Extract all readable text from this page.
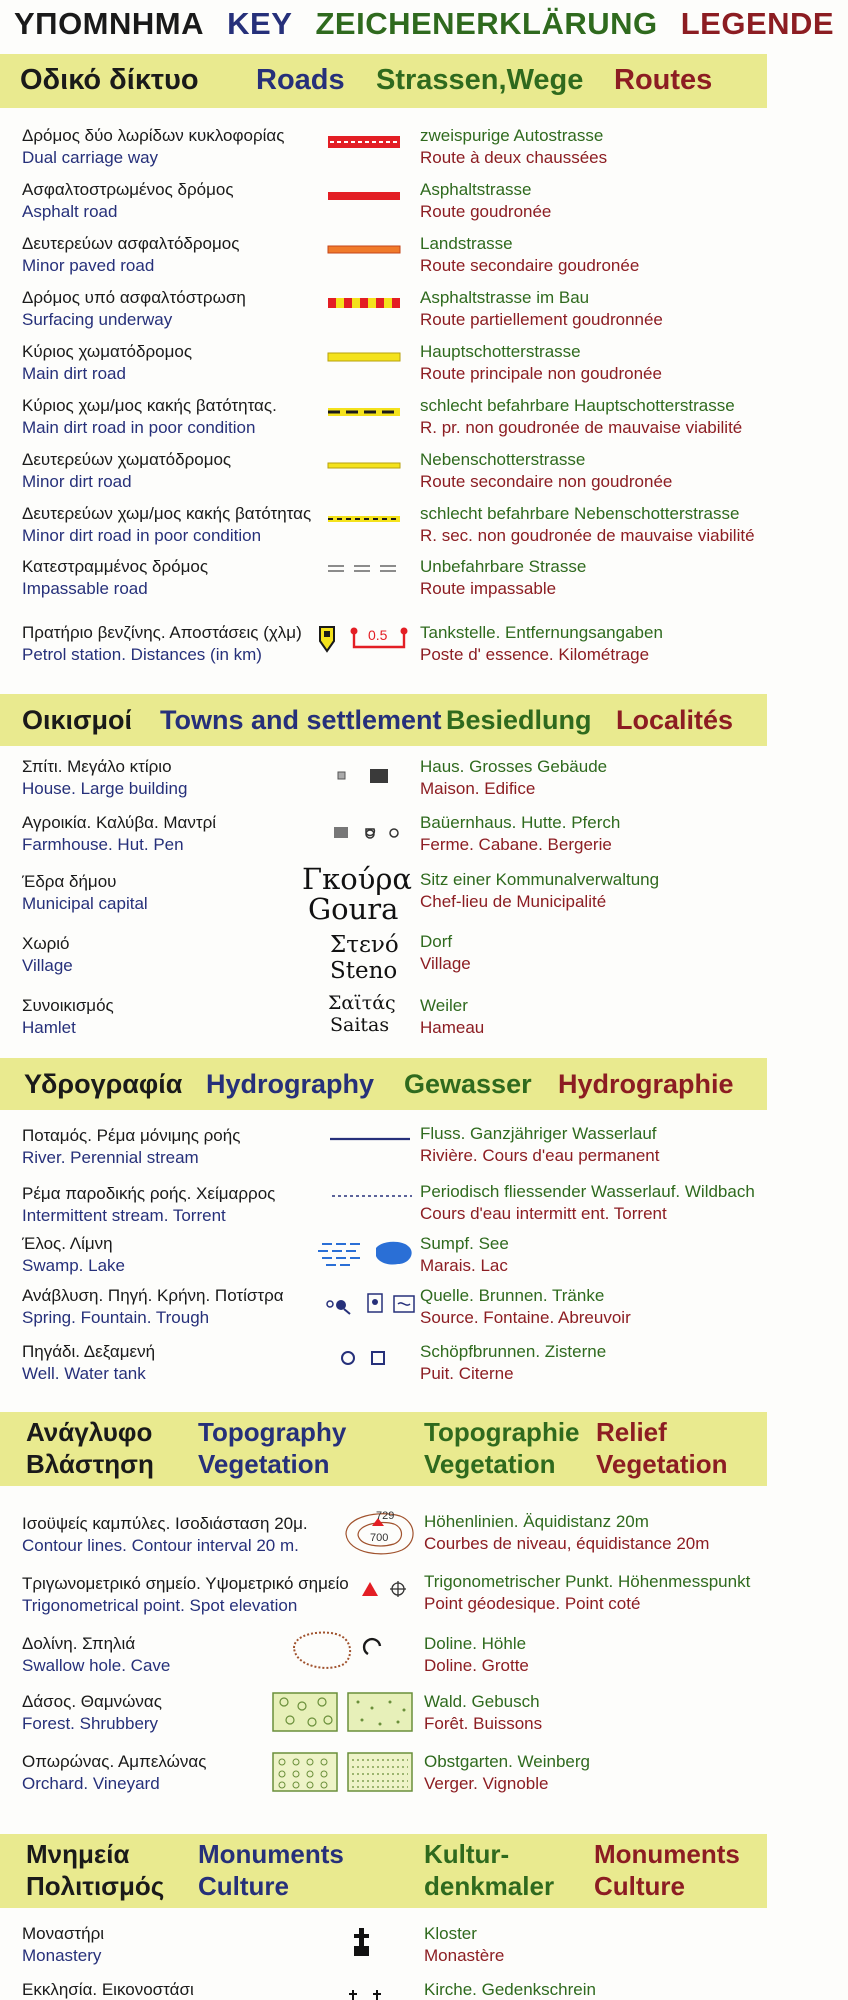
ΥΠΟΜΝΗΜΑ KEY ZEICHENERKLÄRUNG LEGENDE
Οδικό δίκτυο Roads Strassen,Wege Routes
Δρόμος δύο λωρίδων κυκλοφορίας
Dual carriage way
zweispurige Autostrasse
Route à deux chaussées
Ασφαλτοστρωμένος δρόμος
Asphalt road
Asphaltstrasse
Route goudronée
Δευτερεύων ασφαλτόδρομος
Minor paved road
Landstrasse
Route secondaire goudronée
Δρόμος υπό ασφαλτόστρωση
Surfacing underway
Asphaltstrasse im Bau
Route partiellement goudronnée
Κύριος χωματόδρομος
Main dirt road
Hauptschotterstrasse
Route principale non goudronée
Κύριος χωμ/μος κακής βατότητας.
Main dirt road in poor condition
schlecht befahrbare Hauptschotterstrasse
R. pr. non goudronée de mauvaise viabilité
Δευτερεύων χωματόδρομος
Minor dirt road
Nebenschotterstrasse
Route secondaire non goudronée
Δευτερεύων χωμ/μος κακής βατότητας
Minor dirt road in poor condition
schlecht befahrbare Nebenschotterstrasse
R. sec. non goudronée de mauvaise viabilité
Κατεστραμμένος δρόμος
Impassable road
Unbefahrbare Strasse
Route impassable
Πρατήριο βενζίνης. Αποστάσεις (χλμ)
Petrol station. Distances (in km)
0.5 Tankstelle. Entfernungsangaben
Poste d' essence. Kilométrage
Οικισμοί Towns and settlement Besiedlung Localités
Σπίτι. Μεγάλο κτίριο
House. Large building
Haus. Grosses Gebäude
Maison. Edifice
Αγροικία. Καλύβα. Μαντρί
Farmhouse. Hut. Pen
Baüernhaus. Hutte. Pferch
Ferme. Cabane. Bergerie
Έδρα δήμου
Municipal capital
Γκούρα
Goura
Sitz einer Kommunalverwaltung
Chef-lieu de Municipalité
Χωριό
Village
Στενό
Steno
Dorf
Village
Συνοικισμός
Hamlet
Σαϊτάς
Saitas
Weiler
Hameau
Υδρογραφία Hydrography Gewasser Hydrographie
Ποταμός. Ρέμα μόνιμης ροής
River. Perennial stream
Fluss. Ganzjähriger Wasserlauf
Rivière. Cours d'eau permanent
Ρέμα παροδικής ροής. Χείμαρρος
Intermittent stream. Torrent
Periodisch fliessender Wasserlauf. Wildbach
Cours d'eau intermitt ent. Torrent
Έλος. Λίμνη
Swamp. Lake
Sumpf. See
Marais. Lac
Ανάβλυση. Πηγή. Κρήνη. Ποτίστρα
Spring. Fountain. Trough
Quelle. Brunnen. Tränke
Source. Fontaine. Abreuvoir
Πηγάδι. Δεξαμενή
Well. Water tank
Schöpfbrunnen. Zisterne
Puit. Citerne
Ανάγλυφο
Βλάστηση
Topography
Vegetation
Topographie
Vegetation
Relief
Vegetation
Ισοϋψείς καμπύλες. Ισοδιάσταση 20μ.
Contour lines. Contour interval 20 m.
729
700
Höhenlinien. Äquidistanz 20m
Courbes de niveau, équidistance 20m
Τριγωνομετρικό σημείο. Υψομετρικό σημείο
Trigonometrical point. Spot elevation
Trigonometrischer Punkt. Höhenmesspunkt
Point géodesique. Point coté
Δολίνη. Σπηλιά
Swallow hole. Cave
Doline. Höhle
Doline. Grotte
Δάσος. Θαμνώνας
Forest. Shrubbery
Wald. Gebusch
Forêt. Buissons
Οπωρώνας. Αμπελώνας
Orchard. Vineyard
Obstgarten. Weinberg
Verger. Vignoble
Μνημεία
Πολιτισμός
Monuments
Culture
Kultur-
denkmaler
Monuments
Culture
Μοναστήρι
Monastery
Kloster
Monastère
Εκκλησία. Εικονοστάσι	Kirche. Gedenkschrein
